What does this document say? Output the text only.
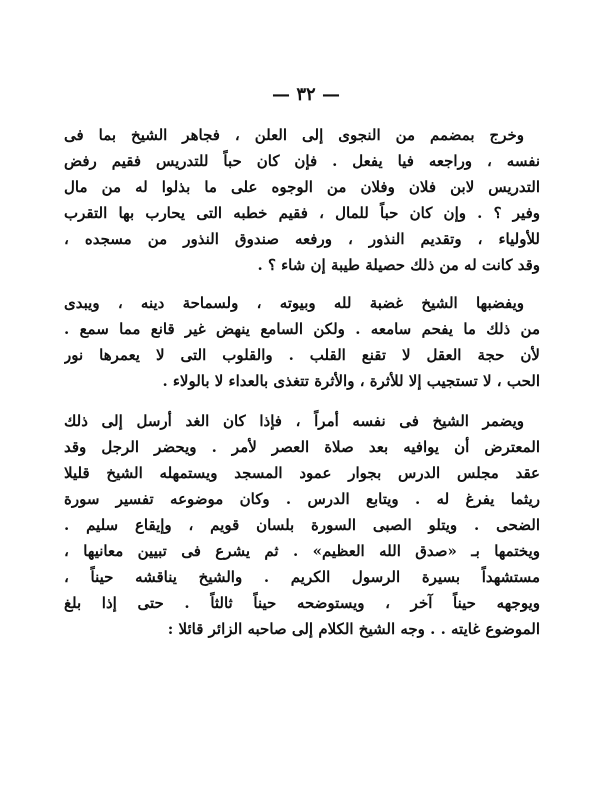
— ٣٢ —
وخرج بمضمم من النجوى إلى العلن ، فجاهر الشيخ بما فى
نفسه ، وراجعه فيا يفعل . فإن كان حباً للتدريس فقيم رفض
التدريس لابن فلان وفلان من الوجوه على ما بذلوا له من مال
وفير ؟ . وإن كان حباً للمال ، فقيم خطبه التى يحارب بها التقرب
للأولياء ، وتقديم النذور ، ورفعه صندوق النذور من مسجده ،
وقد كانت له من ذلك حصيلة طيبة إن شاء ؟ .
ويفضبها الشيخ غضبة لله وبيوته ، ولسماحة دينه ، ويبدى
من ذلك ما يفحم سامعه . ولكن السامع ينهض غير قانع مما سمع .
لأن حجة العقل لا تقنع القلب . والقلوب التى لا يعمرها نور
الحب ، لا تستجيب إلا للأثرة ، والأثرة تتغذى بالعداء لا بالولاء .
ويضمر الشيخ فى نفسه أمراً ، فإذا كان الغد أرسل إلى ذلك
المعترض أن يوافيه بعد صلاة العصر لأمر . ويحضر الرجل وقد
عقد مجلس الدرس بجوار عمود المسجد ويستمهله الشيخ قليلا
ريثما يفرغ له . ويتابع الدرس . وكان موضوعه تفسير سورة
الضحى . ويتلو الصبى السورة بلسان قويم ، وإيقاع سليم .
ويختمها بـ «صدق الله العظيم» . ثم يشرع فى تبيين معانيها ،
مستشهداً بسيرة الرسول الكريم . والشيخ يناقشه حيناً ،
ويوجهه حيناً آخر ، ويستوضحه حيناً ثالثاً . حتى إذا بلغ
الموضوع غايته . . وجه الشيخ الكلام إلى صاحبه الزائر قائلا :
